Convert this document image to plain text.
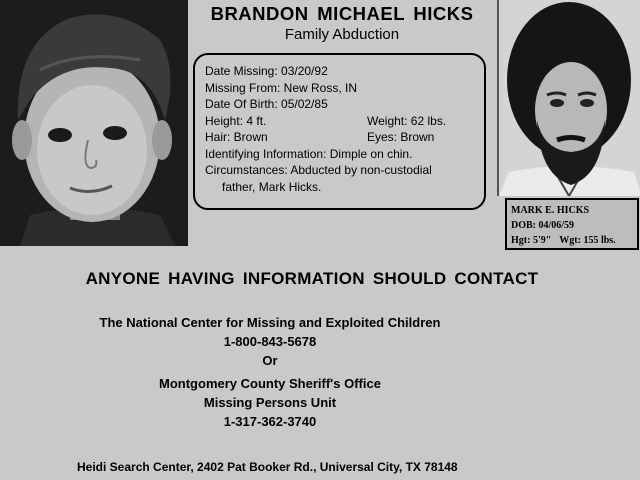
MARK E. HICKS
DOB: 04/06/59
Hgt: 5'9" Wgt: 155 lbs.
BRANDON MICHAEL HICKS
Family Abduction
Date Missing: 03/20/92
Missing From: New Ross, IN
Date Of Birth: 05/02/85
Height: 4 ft.	Weight: 62 lbs.
Hair: Brown	Eyes: Brown
Identifying Information: Dimple on chin.
Circumstances: Abducted by non-custodial
father, Mark Hicks.
ANYONE HAVING INFORMATION SHOULD CONTACT
The National Center for Missing and Exploited Children
1-800-843-5678
Or
Montgomery County Sheriff's Office
Missing Persons Unit
1-317-362-3740
Heidi Search Center, 2402 Pat Booker Rd., Universal City, TX 78148
